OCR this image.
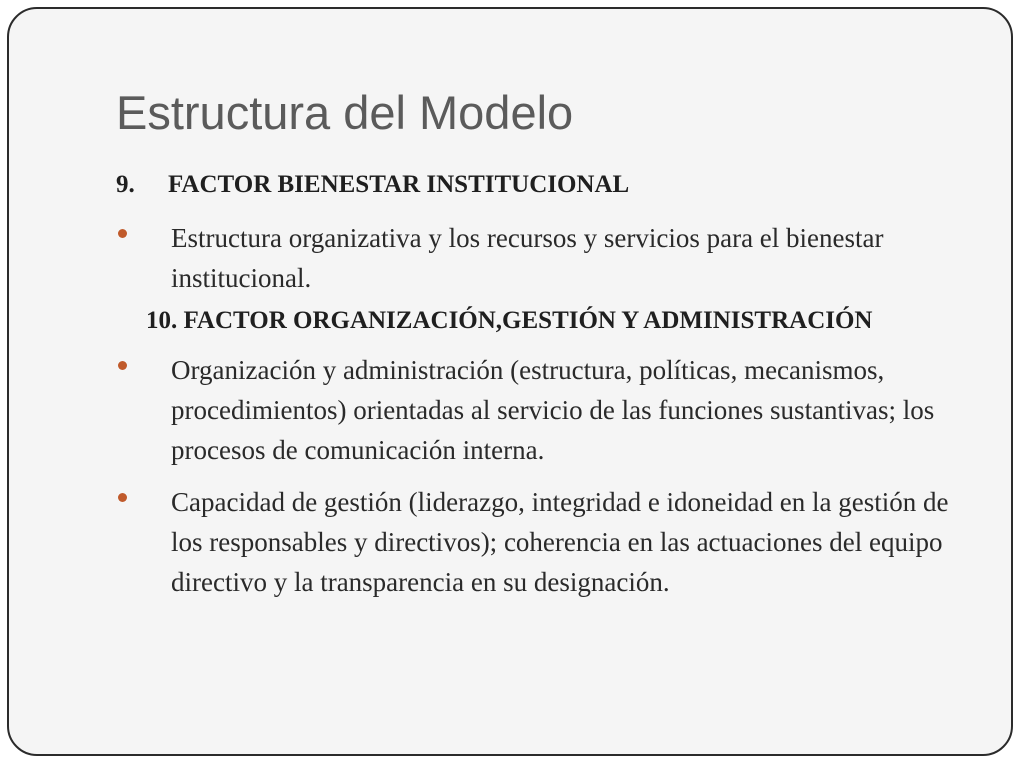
Estructura del Modelo
9. FACTOR BIENESTAR INSTITUCIONAL
Estructura organizativa y los recursos y servicios para el bienestar institucional.
10. FACTOR ORGANIZACIÓN,GESTIÓN Y ADMINISTRACIÓN
Organización y administración (estructura, políticas, mecanismos, procedimientos) orientadas al servicio de las funciones sustantivas; los procesos de comunicación interna.
Capacidad de gestión (liderazgo, integridad e idoneidad en la gestión de los responsables y directivos); coherencia en las actuaciones del equipo directivo y la transparencia en su designación.
